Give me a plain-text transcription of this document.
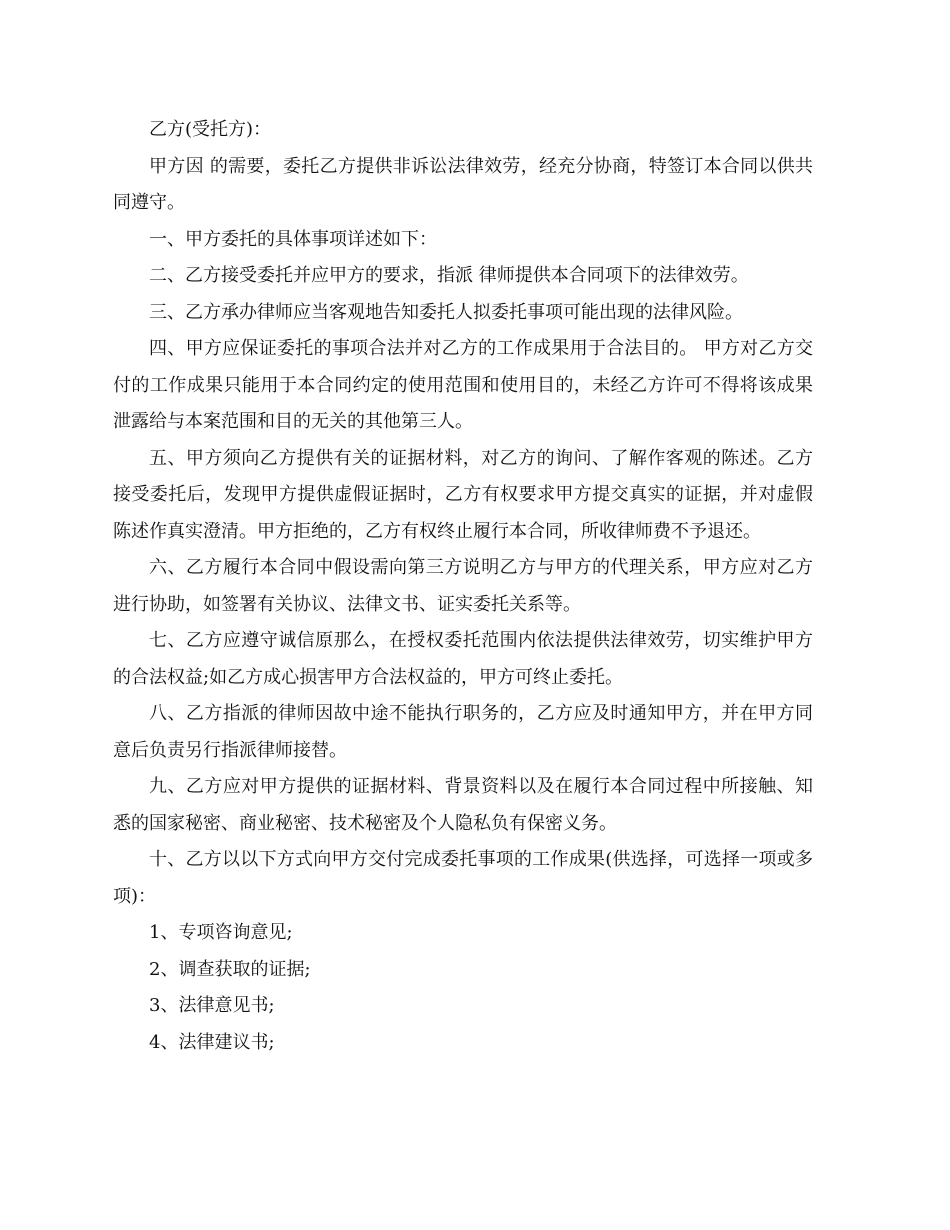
乙方(受托方)：

甲方因 的需要，委托乙方提供非诉讼法律效劳，经充分协商，特签订本合同以供共同遵守。

一、甲方委托的具体事项详述如下：

二、乙方接受委托并应甲方的要求，指派 律师提供本合同项下的法律效劳。

三、乙方承办律师应当客观地告知委托人拟委托事项可能出现的法律风险。

四、甲方应保证委托的事项合法并对乙方的工作成果用于合法目的。 甲方对乙方交付的工作成果只能用于本合同约定的使用范围和使用目的，未经乙方许可不得将该成果泄露给与本案范围和目的无关的其他第三人。

五、甲方须向乙方提供有关的证据材料，对乙方的询问、了解作客观的陈述。乙方接受委托后，发现甲方提供虚假证据时，乙方有权要求甲方提交真实的证据，并对虚假陈述作真实澄清。甲方拒绝的，乙方有权终止履行本合同，所收律师费不予退还。

六、乙方履行本合同中假设需向第三方说明乙方与甲方的代理关系，甲方应对乙方进行协助，如签署有关协议、法律文书、证实委托关系等。

七、乙方应遵守诚信原那么，在授权委托范围内依法提供法律效劳，切实维护甲方的合法权益;如乙方成心损害甲方合法权益的，甲方可终止委托。

八、乙方指派的律师因故中途不能执行职务的，乙方应及时通知甲方，并在甲方同意后负责另行指派律师接替。

九、乙方应对甲方提供的证据材料、背景资料以及在履行本合同过程中所接触、知悉的国家秘密、商业秘密、技术秘密及个人隐私负有保密义务。

十、乙方以以下方式向甲方交付完成委托事项的工作成果(供选择，可选择一项或多项)：

1、专项咨询意见;

2、调查获取的证据;

3、法律意见书;

4、法律建议书;
